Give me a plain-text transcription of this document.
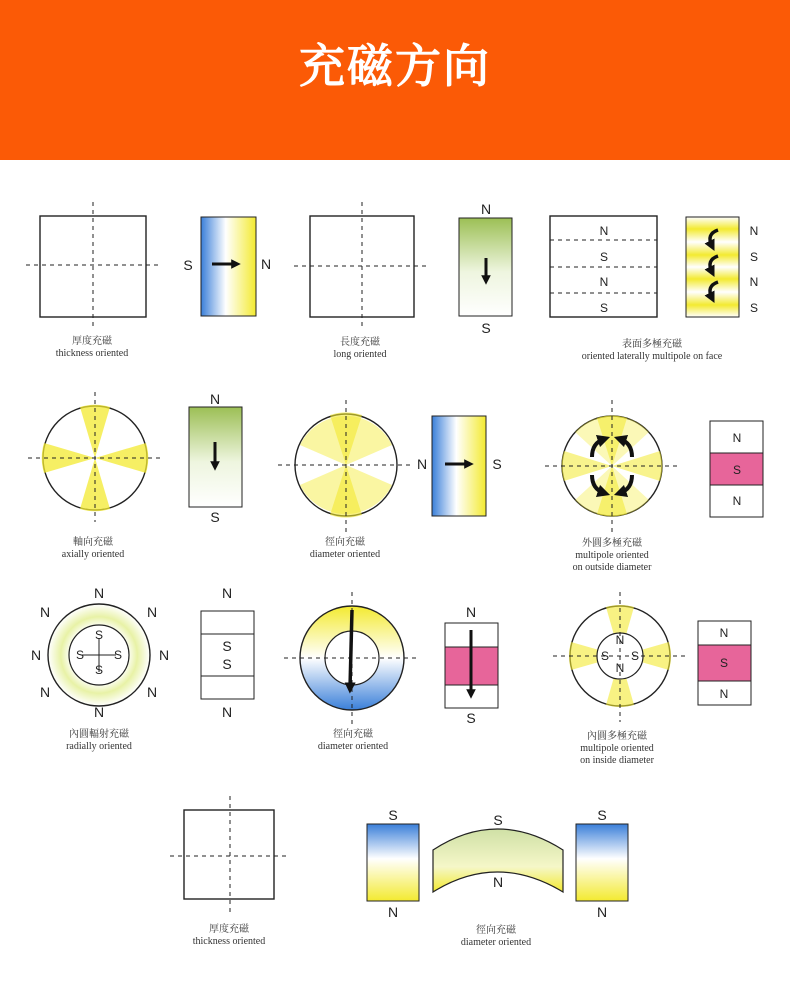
充磁方向
S	N
厚度充磁
thickness oriented
N
S
長度充磁
long oriented
N
S
N
S
N
S
N
S
表面多極充磁
oriented laterally multipole on face
N
S
軸向充磁
axially oriented
N	S
徑向充磁
diameter oriented
N
S
N
外圓多極充磁
multipole oriented
on outside diameter
S
S
S S
N
N
N	N
N	N
N	N
N
S
S
N
內圓輻射充磁
radially oriented
N
S
徑向充磁
diameter oriented
N
N
S S
N
S
N
內圓多極充磁
multipole oriented
on inside diameter
厚度充磁
thickness oriented
S
N
S
N
S
N
徑向充磁
diameter oriented
